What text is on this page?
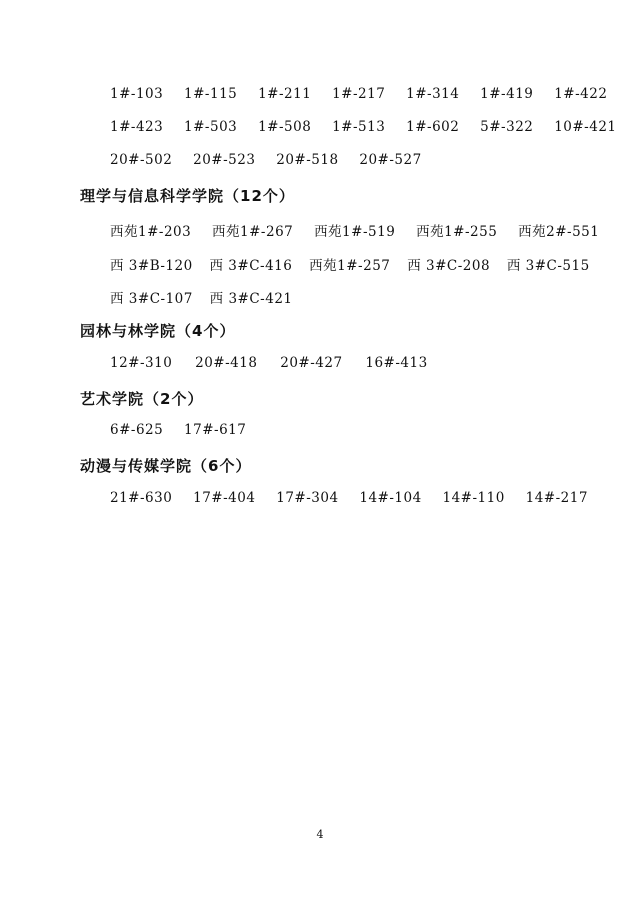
1#-103 1#-115 1#-211 1#-217 1#-314 1#-419 1#-422
1#-423 1#-503 1#-508 1#-513 1#-602 5#-322 10#-421
20#-502 20#-523 20#-518 20#-527
理学与信息科学学院（12个）
西苑1#-203 西苑1#-267 西苑1#-519 西苑1#-255 西苑2#-551
西 3#B-120 西 3#C-416 西苑1#-257 西 3#C-208 西 3#C-515
西 3#C-107 西 3#C-421
园林与林学院（4个）
12#-310 20#-418 20#-427 16#-413
艺术学院（2个）
6#-625 17#-617
动漫与传媒学院（6个）
21#-630 17#-404 17#-304 14#-104 14#-110 14#-217
4
